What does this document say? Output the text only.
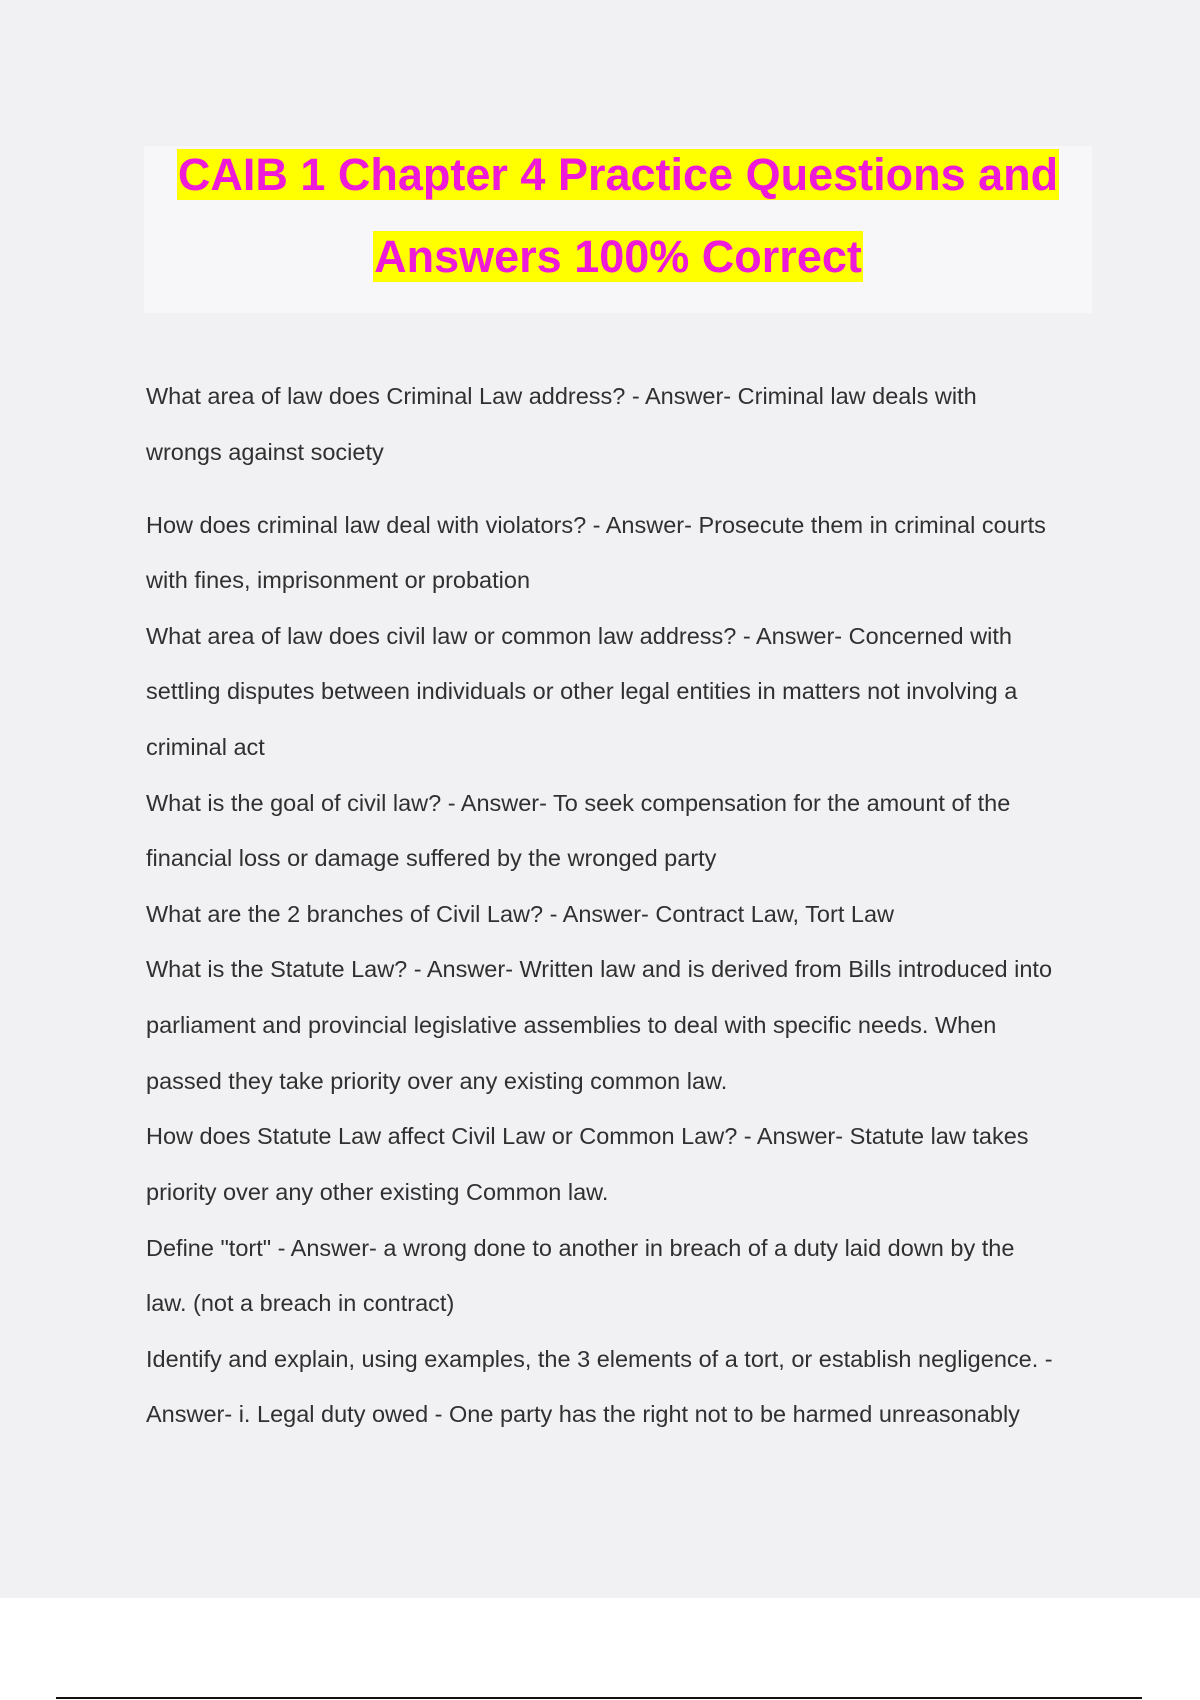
CAIB 1 Chapter 4 Practice Questions and
Answers 100% Correct
What area of law does Criminal Law address? - Answer- Criminal law deals with
wrongs against society
How does criminal law deal with violators? - Answer- Prosecute them in criminal courts
with fines, imprisonment or probation
What area of law does civil law or common law address? - Answer- Concerned with
settling disputes between individuals or other legal entities in matters not involving a
criminal act
What is the goal of civil law? - Answer- To seek compensation for the amount of the
financial loss or damage suffered by the wronged party
What are the 2 branches of Civil Law? - Answer- Contract Law, Tort Law
What is the Statute Law? - Answer- Written law and is derived from Bills introduced into
parliament and provincial legislative assemblies to deal with specific needs. When
passed they take priority over any existing common law.
How does Statute Law affect Civil Law or Common Law? - Answer- Statute law takes
priority over any other existing Common law.
Define "tort" - Answer- a wrong done to another in breach of a duty laid down by the
law. (not a breach in contract)
Identify and explain, using examples, the 3 elements of a tort, or establish negligence. -
Answer- i. Legal duty owed - One party has the right not to be harmed unreasonably
